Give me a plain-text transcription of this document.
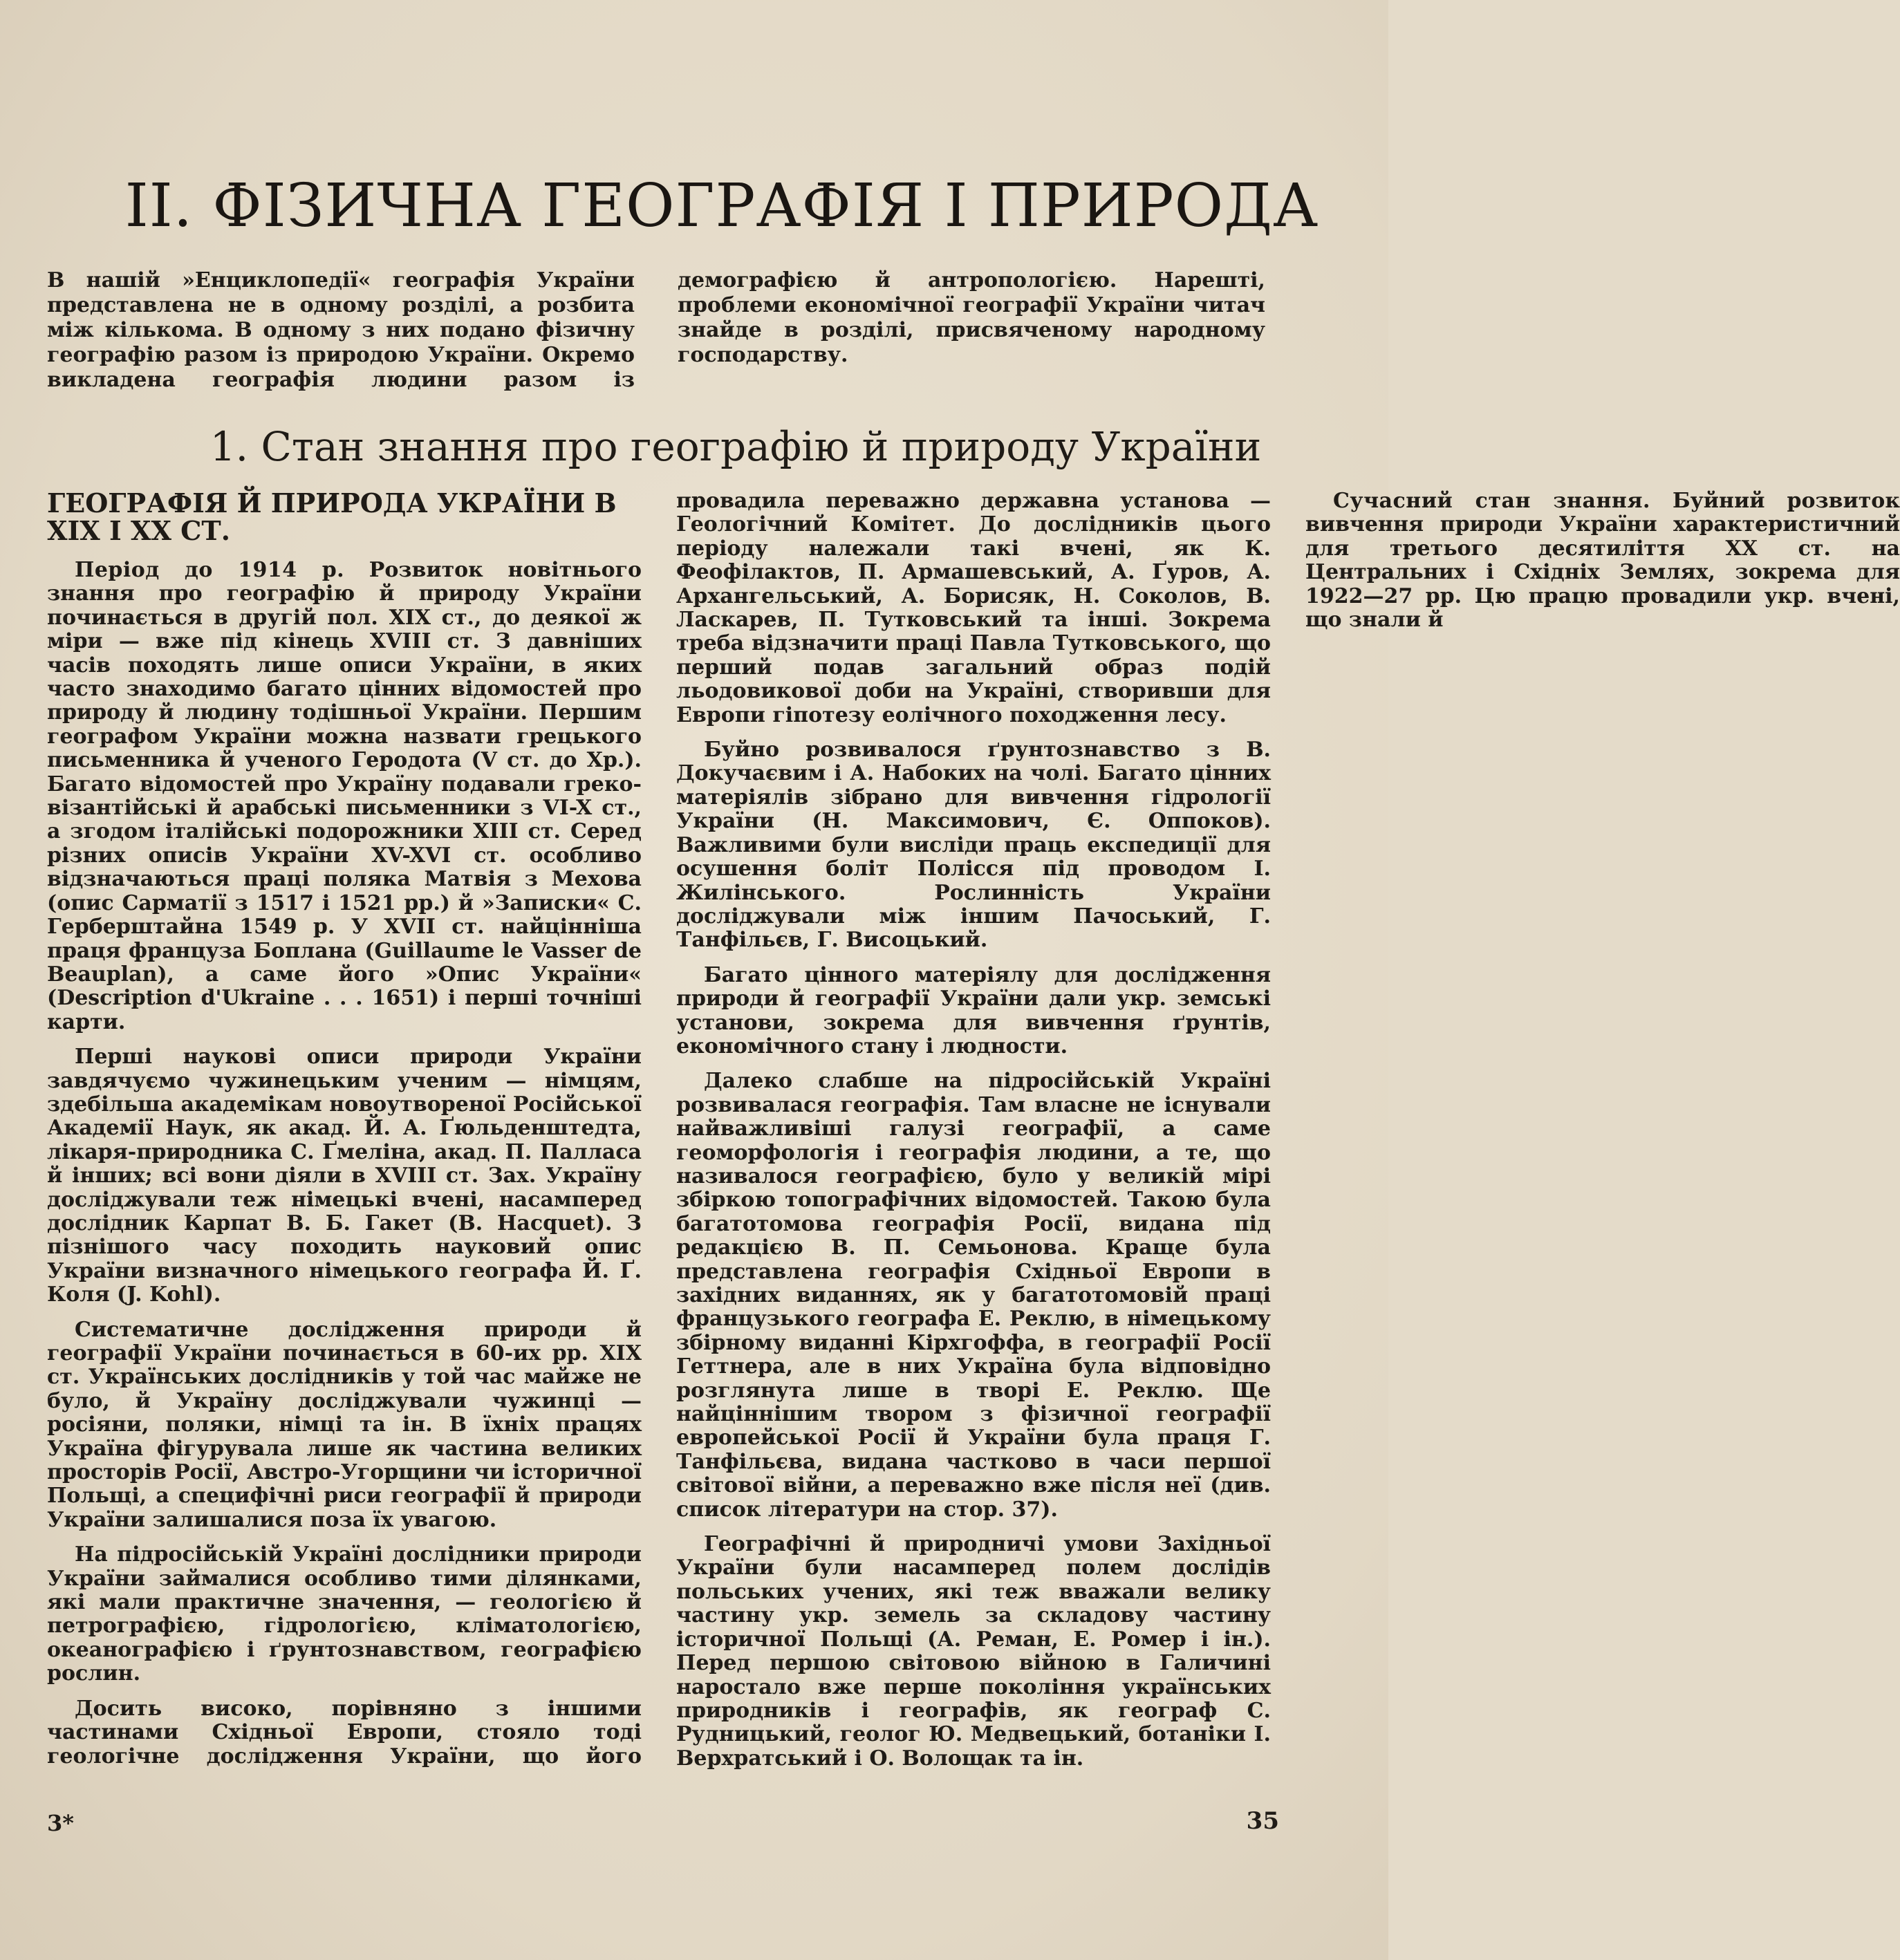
II. ФІЗИЧНА ГЕОГРАФІЯ І ПРИРОДА

В нашій »Енциклопедії« географія України представлена не в одному розділі, а розбита між кількома. В одному з них подано фізичну географію разом із природою України. Окремо викладена географія людини разом із демографією й антропологією. Нарешті, проблеми економічної географії України читач знайде в розділі, присвяченому народному господарству.

1. Стан знання про географію й природу України
ГЕОГРАФІЯ Й ПРИРОДА УКРАЇНИ В XIX І XX СТ.

Період до 1914 р. Розвиток новітнього знання про географію й природу України починається в другій пол. XIX ст., до деякої ж міри — вже під кінець XVIII ст. З давніших часів походять лише описи України, в яких часто знаходимо багато цінних відомостей про природу й людину тодішньої України. Першим географом України можна назвати грецького письменника й ученого Геродота (V ст. до Хр.). Багато відомостей про Україну подавали греко-візантійські й арабські письменники з VI-X ст., а згодом італійські подорожники XIII ст. Серед різних описів України XV-XVI ст. особливо відзначаються праці поляка Матвія з Мехова (опис Сарматії з 1517 і 1521 рр.) й »Записки« С. Герберштайна 1549 р. У XVII ст. найцінніша праця француза Боплана (Guillaume le Vasser de Beauplan), а саме його »Опис України« (Description d'Ukraine . . . 1651) і перші точніші карти.

Перші наукові описи природи України завдячуємо чужинецьким ученим — німцям, здебільша академікам новоутвореної Російської Академії Наук, як акад. Й. А. Ґюльденштедта, лікаря-природника С. Ґмеліна, акад. П. Палласа й інших; всі вони діяли в XVIII ст. Зах. Україну досліджували теж німецькі вчені, насамперед дослідник Карпат В. Б. Гакет (B. Hacquet). З пізнішого часу походить науковий опис України визначного німецького географа Й. Ґ. Коля (J. Kohl).

Систематичне дослідження природи й географії України починається в 60-их рр. XIX ст. Українських дослідників у той час майже не було, й Україну досліджували чужинці — росіяни, поляки, німці та ін. В їхніх працях Україна фігурувала лише як частина великих просторів Росії, Австро-Угорщини чи історичної Польщі, а специфічні риси географії й природи України залишалися поза їх увагою.

На підросійській Україні дослідники природи України займалися особливо тими ділянками, які мали практичне значення, — геологією й петрографією, гідрологією, кліматологією, океанографією і ґрунтознавством, географією рослин.

Досить високо, порівняно з іншими частинами Східньої Европи, стояло тоді геологічне дослідження України, що його провадила переважно державна установа — Геологічний Комітет. До дослідників цього періоду належали такі вчені, як К. Феофілактов, П. Армашевський, А. Ґуров, А. Архангельський, А. Борисяк, Н. Соколов, В. Ласкарев, П. Тутковський та інші. Зокрема треба відзначити праці Павла Тутковського, що перший подав загальний образ подій льодовикової доби на Україні, створивши для Европи гіпотезу еолічного походження лесу.

Буйно розвивалося ґрунтознавство з В. Докучаєвим і А. Набоких на чолі. Багато цінних матеріялів зібрано для вивчення гідрології України (Н. Максимович, Є. Оппоков). Важливими були висліди праць експедиції для осушення боліт Полісся під проводом І. Жилінського. Рослинність України досліджували між іншим Пачоський, Г. Танфільєв, Г. Висоцький.

Багато цінного матеріялу для дослідження природи й географії України дали укр. земські установи, зокрема для вивчення ґрунтів, економічного стану і людности.

Далеко слабше на підросійській Україні розвивалася географія. Там власне не існували найважливіші галузі географії, а саме геоморфологія і географія людини, а те, що називалося географією, було у великій мірі збіркою топографічних відомостей. Такою була багатотомова географія Росії, видана під редакцією В. П. Семьонова. Краще була представлена географія Східньої Европи в західних виданнях, як у багатотомовій праці французького географа Е. Реклю, в німецькому збірному виданні Кірхгоффа, в географії Росії Геттнера, але в них Україна була відповідно розглянута лише в творі Е. Реклю. Ще найціннішим твором з фізичної географії европейської Росії й України була праця Г. Танфільєва, видана частково в часи першої світової війни, а переважно вже після неї (див. список літератури на стор. 37).

Географічні й природничі умови Західньої України були насамперед полем дослідів польських учених, які теж вважали велику частину укр. земель за складову частину історичної Польщі (А. Реман, Е. Ромер і ін.). Перед першою світовою війною в Галичині наростало вже перше покоління українських природників і географів, як географ С. Рудницький, геолог Ю. Медвецький, ботаніки І. Верхратський і О. Волощак та ін.

Сучасний стан знання. Буйний розвиток вивчення природи України характеристичний для третього десятиліття XX ст. на Центральних і Східніх Землях, зокрема для 1922—27 рр. Цю працю провадили укр. вчені, що знали й

3*	35
